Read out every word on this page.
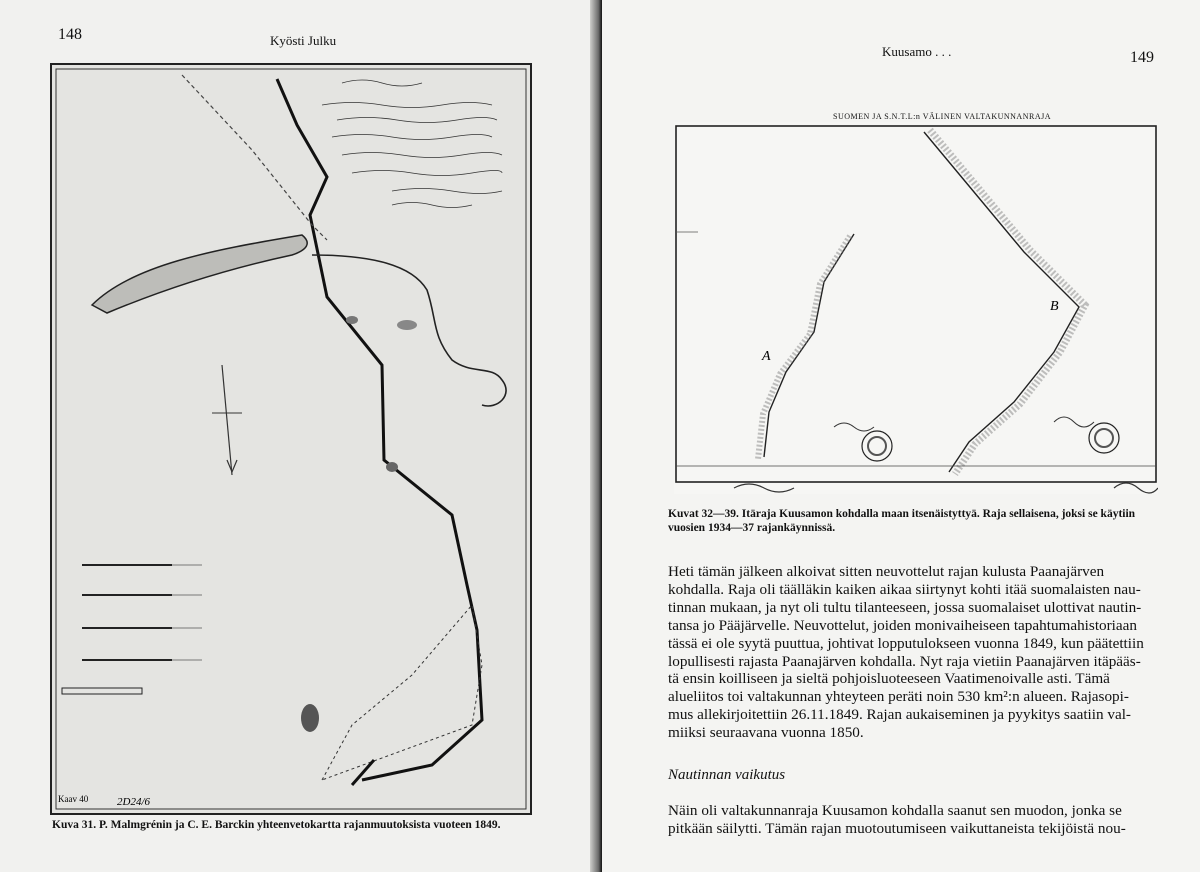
148	Kyösti Julku
Kaav 40	2D24/6
Kuva 31. P. Malmgrénin ja C. E. Barckin yhteenvetokartta rajanmuutoksista vuoteen 1849.
Kuusamo . . .	149
SUOMEN JA S.N.T.L:n VÄLINEN VALTAKUNNANRAJA
A
B
Kuvat 32—39. Itäraja Kuusamon kohdalla maan itsenäistyttyä. Raja sellaisena, joksi se käytiin vuosien 1934—37 rajankäynnissä.
Heti tämän jälkeen alkoivat sitten neuvottelut rajan kulusta Paanajärven
kohdalla. Raja oli täälläkin kaiken aikaa siirtynyt kohti itää suomalaisten nau-
tinnan mukaan, ja nyt oli tultu tilanteeseen, jossa suomalaiset ulottivat nautin-
tansa jo Pääjärvelle. Neuvottelut, joiden monivaiheiseen tapahtumahistoriaan
tässä ei ole syytä puuttua, johtivat lopputulokseen vuonna 1849, kun päätettiin
lopullisesti rajasta Paanajärven kohdalla. Nyt raja vietiin Paanajärven itäpääs-
tä ensin koilliseen ja sieltä pohjoisluoteeseen Vaatimenoivalle asti. Tämä
alueliitos toi valtakunnan yhteyteen peräti noin 530 km²:n alueen. Rajasopi-
mus allekirjoitettiin 26.11.1849. Rajan aukaiseminen ja pyykitys saatiin val-
miiksi seuraavana vuonna 1850.
Nautinnan vaikutus
Näin oli valtakunnanraja Kuusamon kohdalla saanut sen muodon, jonka se
pitkään säilytti. Tämän rajan muotoutumiseen vaikuttaneista tekijöistä nou-
